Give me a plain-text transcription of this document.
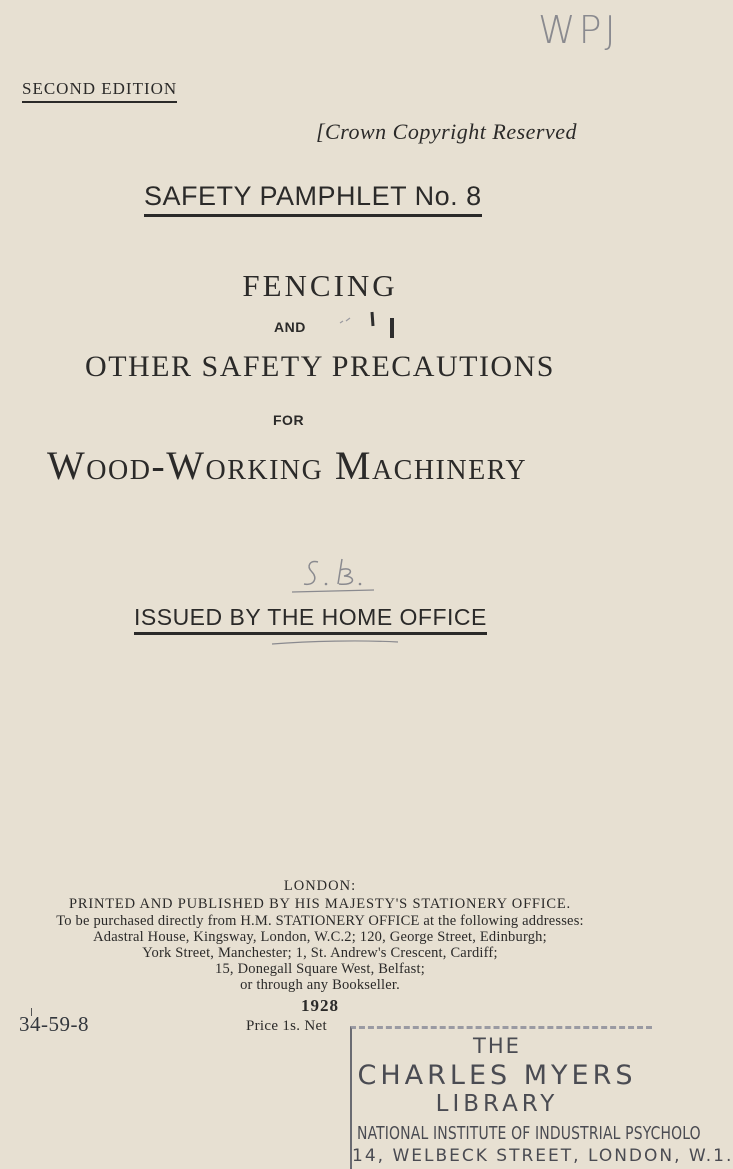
WPJ
SECOND EDITION
[Crown Copyright Reserved
SAFETY PAMPHLET No. 8
FENCING
AND
OTHER SAFETY PRECAUTIONS
FOR
Wood-Working Machinery
ISSUED BY THE HOME OFFICE
LONDON:
PRINTED AND PUBLISHED BY HIS MAJESTY'S STATIONERY OFFICE.
To be purchased directly from H.M. STATIONERY OFFICE at the following addresses:
Adastral House, Kingsway, London, W.C.2; 120, George Street, Edinburgh;
York Street, Manchester; 1, St. Andrew's Crescent, Cardiff;
15, Donegall Square West, Belfast;
or through any Bookseller.
1928
Price 1s. Net
34-59-8
THE
CHARLES MYERS
LIBRARY
NATIONAL INSTITUTE OF INDUSTRIAL PSYCHOLO
14, WELBECK STREET, LONDON, W.1.
